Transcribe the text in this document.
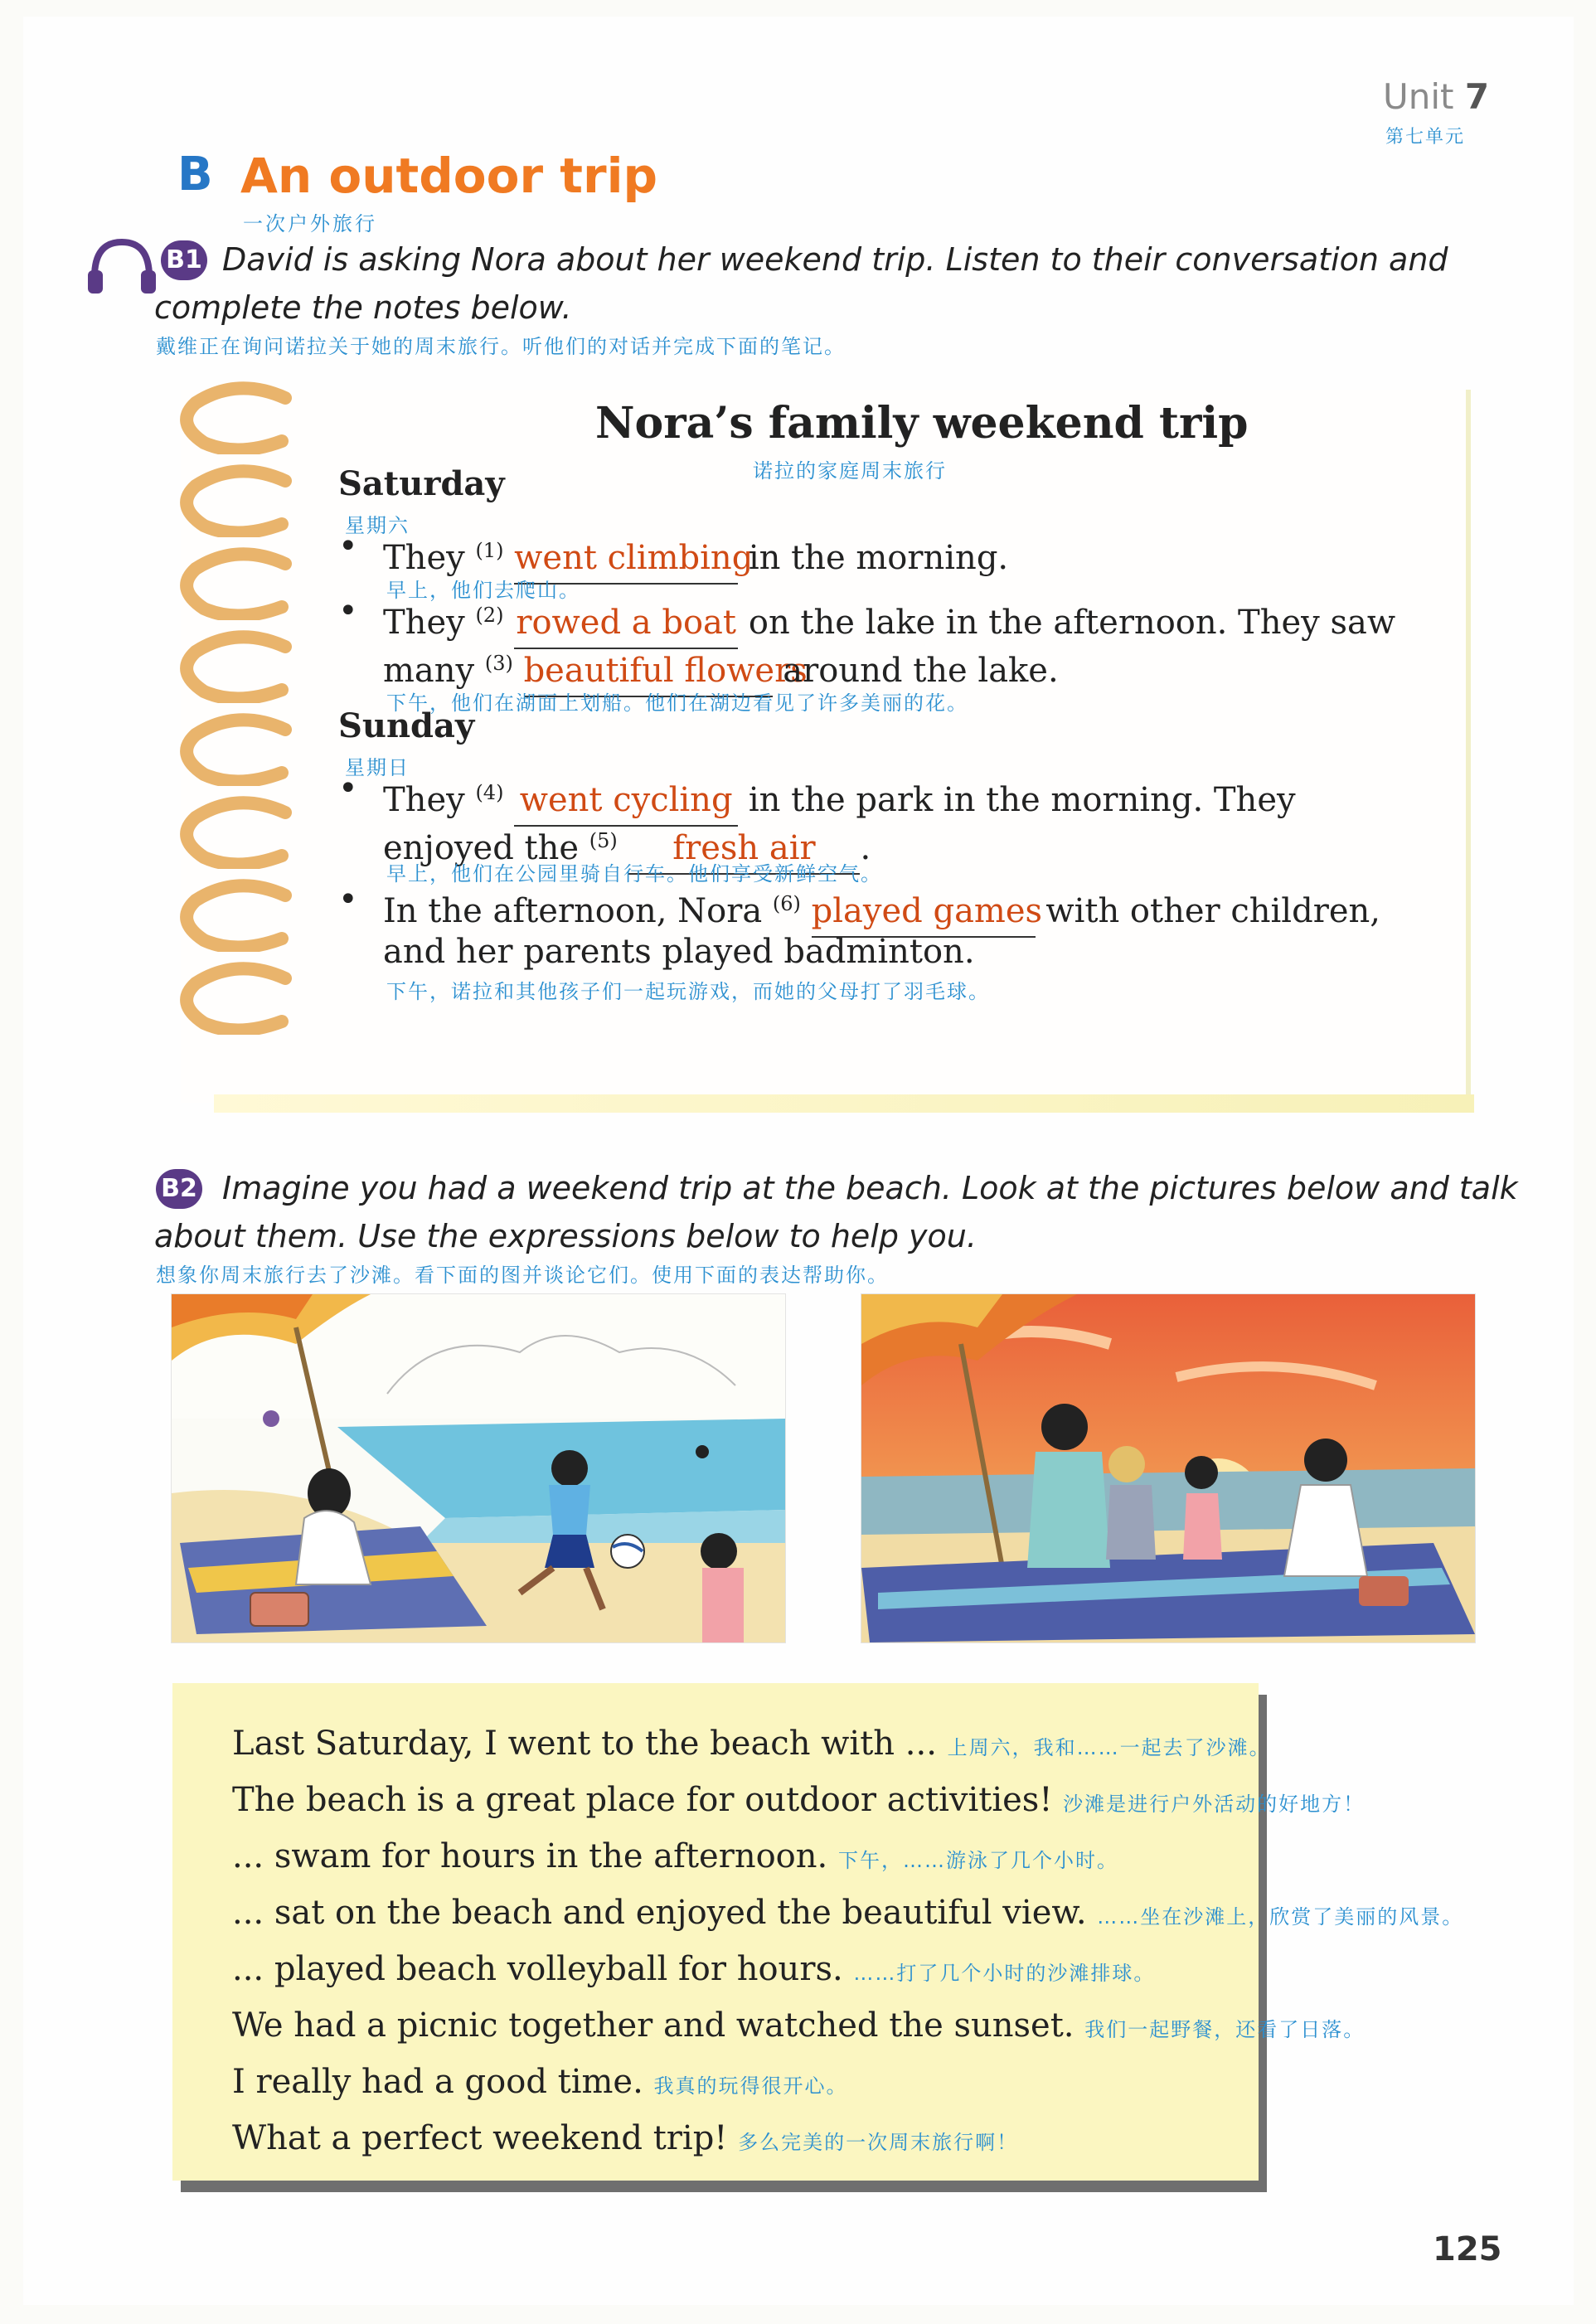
Unit 7
第七单元
B An outdoor trip
一次户外旅行
B1 David is asking Nora about her weekend trip. Listen to their conversation and
complete the notes below.
戴维正在询问诺拉关于她的周末旅行。听他们的对话并完成下面的笔记。
Nora’s family weekend trip
诺拉的家庭周末旅行
Saturday
星期六
• They $^{(1)}$ went climbing in the morning.
早上，他们去爬山。
• They $^{(2)}$ rowed a boat on the lake in the afternoon. They saw
many $^{(3)}$ beautiful flowers around the lake.
下午，他们在湖面上划船。他们在湖边看见了许多美丽的花。
Sunday
星期日
• They $^{(4)}$ went cycling in the park in the morning. They
enjoyed the $^{(5)}$ fresh air .
早上，他们在公园里骑自行车。他们享受新鲜空气。
• In the afternoon, Nora $^{(6)}$ played games with other children,
and her parents played badminton.
下午，诺拉和其他孩子们一起玩游戏，而她的父母打了羽毛球。
B2 Imagine you had a weekend trip at the beach. Look at the pictures below and talk
about them. Use the expressions below to help you.
想象你周末旅行去了沙滩。看下面的图并谈论它们。使用下面的表达帮助你。
Last Saturday, I went to the beach with ... 上周六，我和……一起去了沙滩。
The beach is a great place for outdoor activities! 沙滩是进行户外活动的好地方！
... swam for hours in the afternoon. 下午，……游泳了几个小时。
... sat on the beach and enjoyed the beautiful view. ……坐在沙滩上，欣赏了美丽的风景。
... played beach volleyball for hours. ……打了几个小时的沙滩排球。
We had a picnic together and watched the sunset. 我们一起野餐，还看了日落。
I really had a good time. 我真的玩得很开心。
What a perfect weekend trip! 多么完美的一次周末旅行啊！
125
